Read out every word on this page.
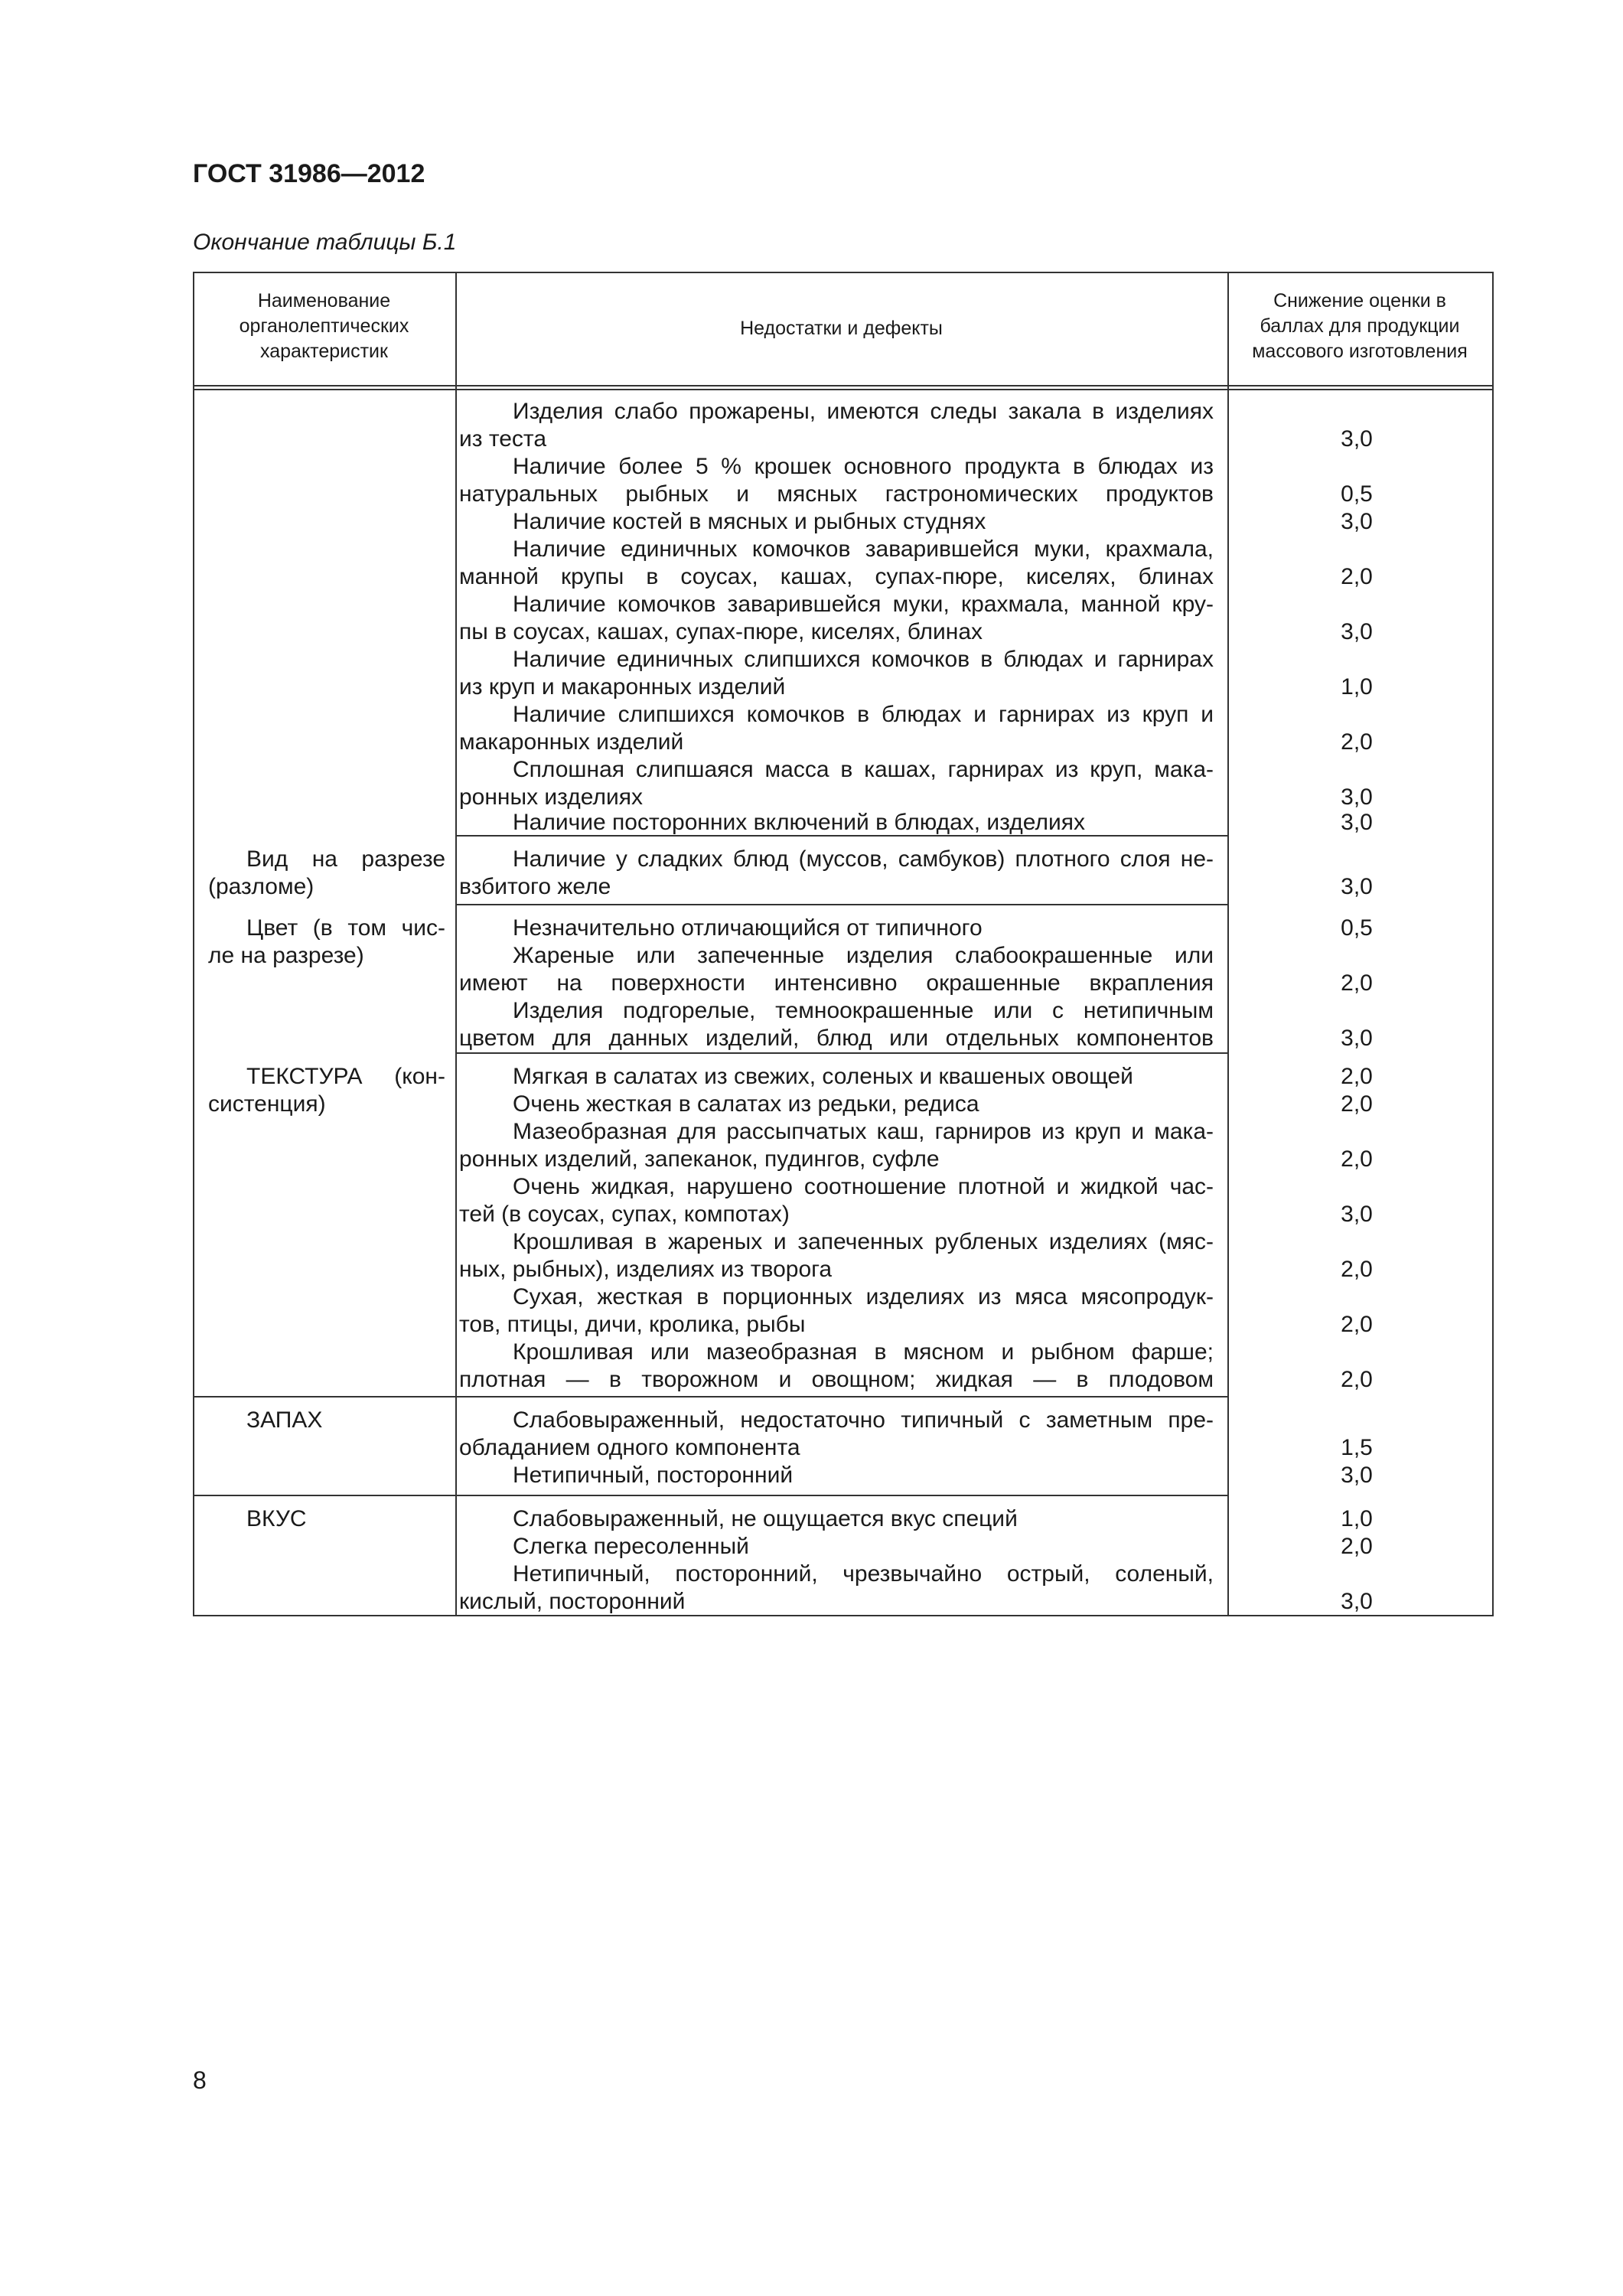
ГОСТ 31986—2012
Окончание таблицы Б.1
Наименование
органолептических
характеристик
Недостатки и дефекты
Снижение оценки в
баллах для продукции
массового изготовления
Вид на разрезе
(разломе)
Цвет (в том чис-
ле на разрезе)
ТЕКСТУРА (кон-
систенция)
ЗАПАХ
ВКУС
Изделия слабо прожарены, имеются следы закала в изделиях
из теста
Наличие более 5 % крошек основного продукта в блюдах из
натуральных рыбных и мясных гастрономических продуктов
Наличие костей в мясных и рыбных студнях
Наличие единичных комочков заварившейся муки, крахмала,
манной крупы в соусах, кашах, супах-пюре, киселях, блинах
Наличие комочков заварившейся муки, крахмала, манной кру-
пы в соусах, кашах, супах-пюре, киселях, блинах
Наличие единичных слипшихся комочков в блюдах и гарнирах
из круп и макаронных изделий
Наличие слипшихся комочков в блюдах и гарнирах из круп и
макаронных изделий
Сплошная слипшаяся масса в кашах, гарнирах из круп, мака-
ронных изделиях
Наличие посторонних включений в блюдах, изделиях
Наличие у сладких блюд (муссов, самбуков) плотного слоя не-
взбитого желе
Незначительно отличающийся от типичного
Жареные или запеченные изделия слабоокрашенные или
имеют на поверхности интенсивно окрашенные вкрапления
Изделия подгорелые, темноокрашенные или с нетипичным
цветом для данных изделий, блюд или отдельных компонентов
Мягкая в салатах из свежих, соленых и квашеных овощей
Очень жесткая в салатах из редьки, редиса
Мазеобразная для рассыпчатых каш, гарниров из круп и мака-
ронных изделий, запеканок, пудингов, суфле
Очень жидкая, нарушено соотношение плотной и жидкой час-
тей (в соусах, супах, компотах)
Крошливая в жареных и запеченных рубленых изделиях (мяс-
ных, рыбных), изделиях из творога
Сухая, жесткая в порционных изделиях из мяса мясопродук-
тов, птицы, дичи, кролика, рыбы
Крошливая или мазеобразная в мясном и рыбном фарше;
плотная — в творожном и овощном; жидкая — в плодовом
Слабовыраженный, недостаточно типичный с заметным пре-
обладанием одного компонента
Нетипичный, посторонний
Слабовыраженный, не ощущается вкус специй
Слегка пересоленный
Нетипичный, посторонний, чрезвычайно острый, соленый,
кислый, посторонний
3,0
0,5
3,0
2,0
3,0
1,0
2,0
3,0
3,0
3,0
0,5
2,0
3,0
2,0
2,0
2,0
3,0
2,0
2,0
2,0
1,5
3,0
1,0
2,0
3,0
8
